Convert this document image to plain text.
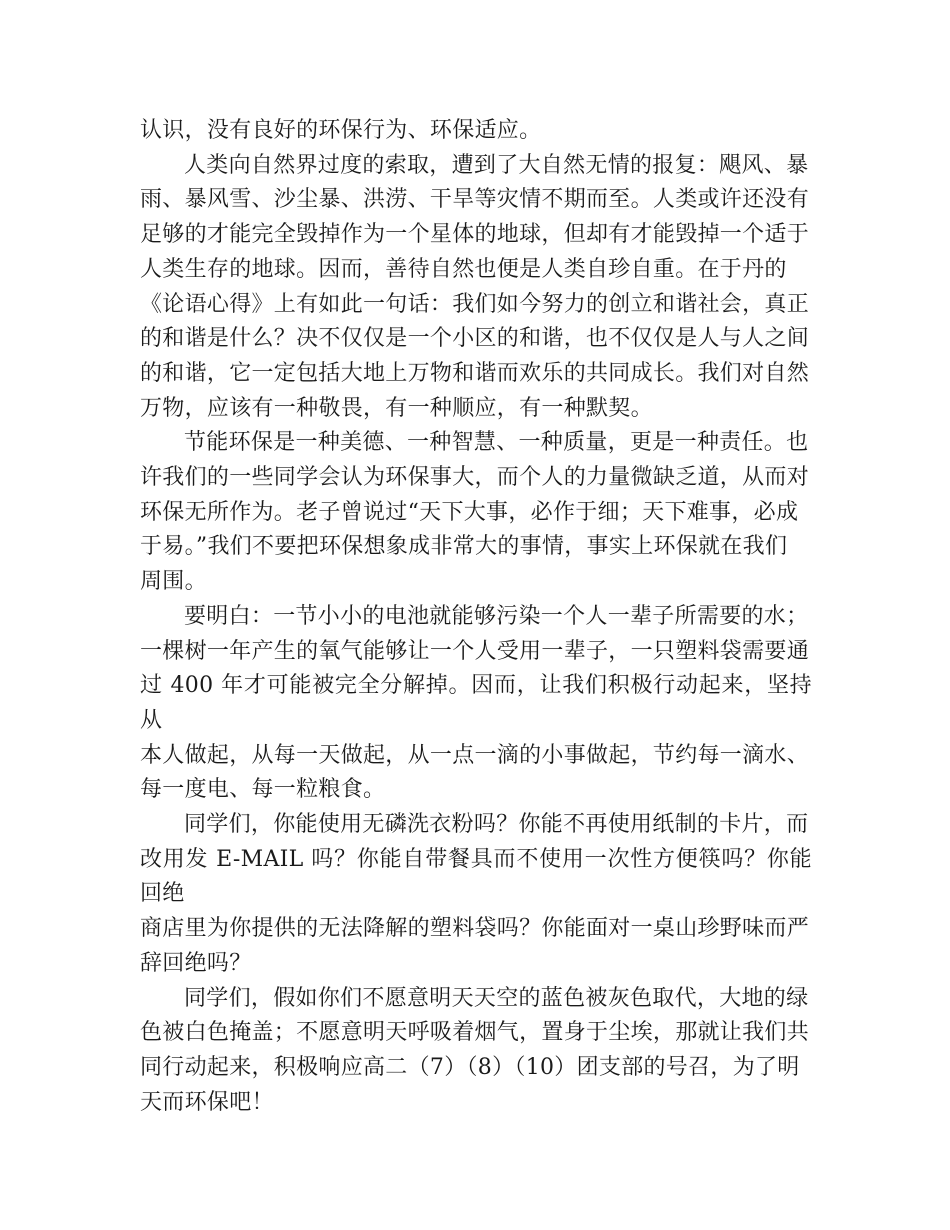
认识，没有良好的环保行为、环保适应。

人类向自然界过度的索取，遭到了大自然无情的报复：飓风、暴
雨、暴风雪、沙尘暴、洪涝、干旱等灾情不期而至。人类或许还没有
足够的才能完全毁掉作为一个星体的地球，但却有才能毁掉一个适于
人类生存的地球。因而，善待自然也便是人类自珍自重。在于丹的
《论语心得》上有如此一句话：我们如今努力的创立和谐社会，真正
的和谐是什么？决不仅仅是一个小区的和谐，也不仅仅是人与人之间
的和谐，它一定包括大地上万物和谐而欢乐的共同成长。我们对自然
万物，应该有一种敬畏，有一种顺应，有一种默契。

节能环保是一种美德、一种智慧、一种质量，更是一种责任。也
许我们的一些同学会认为环保事大，而个人的力量微缺乏道，从而对
环保无所作为。老子曾说过“天下大事，必作于细；天下难事，必成
于易。”我们不要把环保想象成非常大的事情，事实上环保就在我们
周围。

要明白：一节小小的电池就能够污染一个人一辈子所需要的水；
一棵树一年产生的氧气能够让一个人受用一辈子，一只塑料袋需要通
过 400 年才可能被完全分解掉。因而，让我们积极行动起来，坚持从
本人做起，从每一天做起，从一点一滴的小事做起，节约每一滴水、
每一度电、每一粒粮食。

同学们，你能使用无磷洗衣粉吗？你能不再使用纸制的卡片，而
改用发 E-MAIL 吗？你能自带餐具而不使用一次性方便筷吗？你能回绝
商店里为你提供的无法降解的塑料袋吗？你能面对一桌山珍野味而严
辞回绝吗？

同学们，假如你们不愿意明天天空的蓝色被灰色取代，大地的绿
色被白色掩盖；不愿意明天呼吸着烟气，置身于尘埃，那就让我们共
同行动起来，积极响应高二（7）（8）（10）团支部的号召，为了明
天而环保吧！
